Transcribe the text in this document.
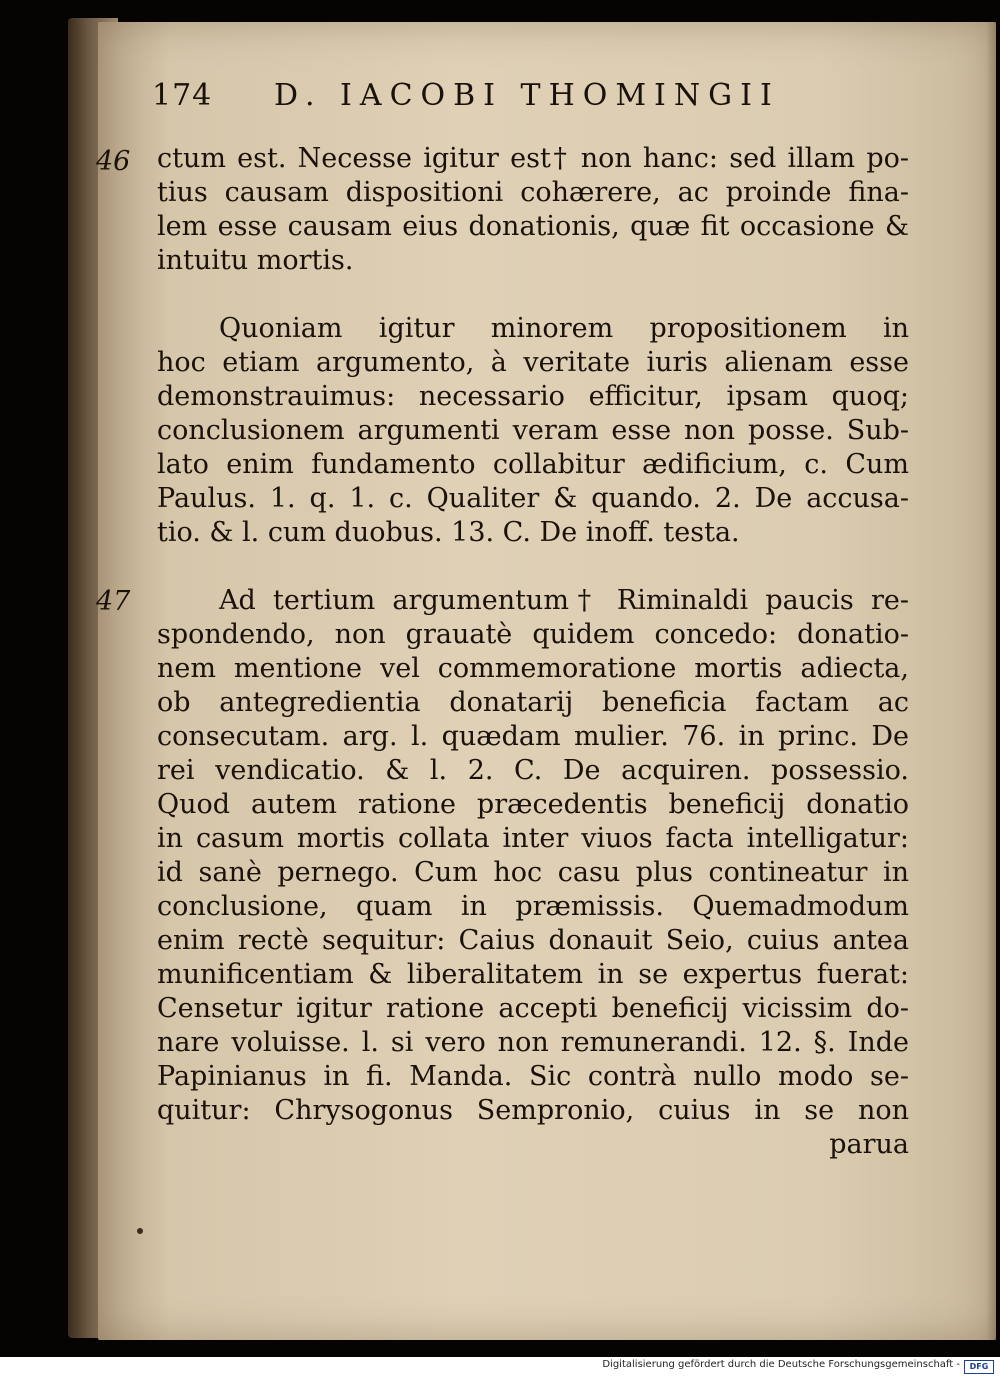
174 D. IACOBI THOMINGII
46
47
ctum est. Necesse igitur est† non hanc: sed illam po-
tius causam dispositioni cohærere, ac proinde fina-
lem esse causam eius donationis, quæ fit occasione &
intuitu mortis.
Quoniam igitur minorem propositionem in
hoc etiam argumento, à veritate iuris alienam esse
demonstrauimus: necessario efficitur, ipsam quoq;
conclusionem argumenti veram esse non posse. Sub-
lato enim fundamento collabitur ædificium, c. Cum
Paulus. 1. q. 1. c. Qualiter & quando. 2. De accusa-
tio. & l. cum duobus. 13. C. De inoff. testa.
Ad tertium argumentum† Riminaldi paucis re-
spondendo, non grauatè quidem concedo: donatio-
nem mentione vel commemoratione mortis adiecta,
ob antegredientia donatarij beneficia factam ac
consecutam. arg. l. quædam mulier. 76. in princ. De
rei vendicatio. & l. 2. C. De acquiren. possessio.
Quod autem ratione præcedentis beneficij donatio
in casum mortis collata inter viuos facta intelligatur:
id sanè pernego. Cum hoc casu plus contineatur in
conclusione, quam in præmissis. Quemadmodum
enim rectè sequitur: Caius donauit Seio, cuius antea
munificentiam & liberalitatem in se expertus fuerat:
Censetur igitur ratione accepti beneficij vicissim do-
nare voluisse. l. si vero non remunerandi. 12. §. Inde
Papinianus in fi. Manda. Sic contrà nullo modo se-
quitur: Chrysogonus Sempronio, cuius in se non
parua
Digitalisierung gefördert durch die Deutsche Forschungsgemeinschaft -	DFG
